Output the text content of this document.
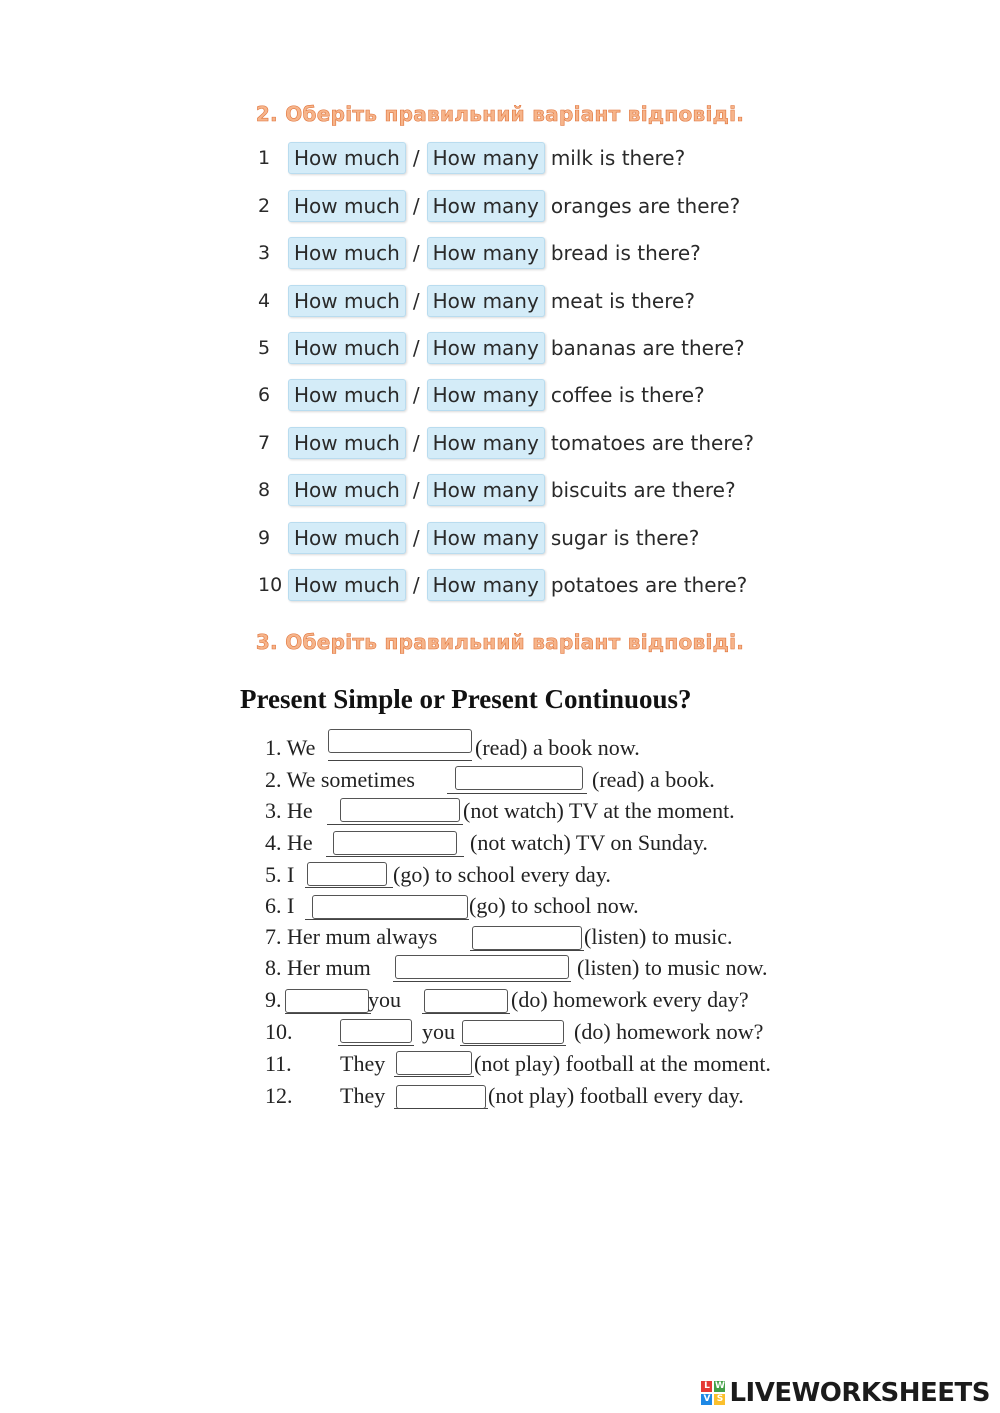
2. Оберіть правильний варіант відповіді.
1	How much / How many milk is there?
2	How much / How many oranges are there?
3	How much / How many bread is there?
4	How much / How many meat is there?
5	How much / How many bananas are there?
6	How much / How many coffee is there?
7	How much / How many tomatoes are there?
8	How much / How many biscuits are there?
9	How much / How many sugar is there?
10 How much / How many potatoes are there?
3. Оберіть правильний варіант відповіді.
Present Simple or Present Continuous?
1. We	(read) a book now.
2. We sometimes	(read) a book.
3. He	(not watch) TV at the moment.
4. He	(not watch) TV on Sunday.
5. I	(go) to school every day.
6. I	(go) to school now.
7. Her mum always	(listen) to music.
8. Her mum	(listen) to music now.
9.	you	(do) homework every day?
10.	you	(do) homework now?
11. They	(not play) football at the moment.
12. They	(not play) football every day.
L W
V S LIVEWORKSHEETS
